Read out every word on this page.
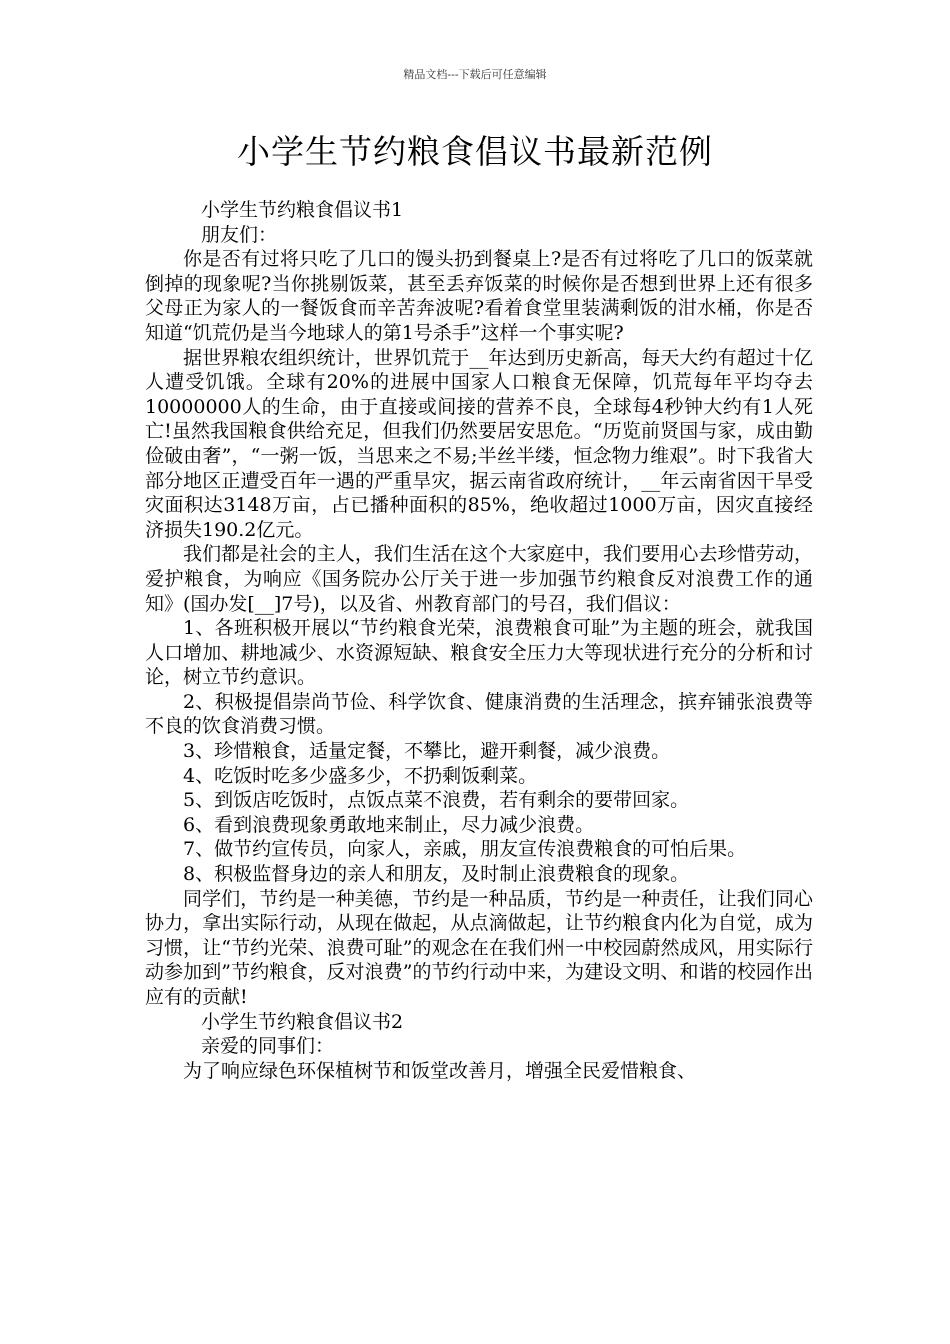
精品文档---下载后可任意编辑
小学生节约粮食倡议书最新范例

小学生节约粮食倡议书1

朋友们：

你是否有过将只吃了几口的馒头扔到餐桌上?是否有过将吃了几口的饭菜就倒掉的现象呢?当你挑剔饭菜，甚至丢弃饭菜的时候你是否想到世界上还有很多父母正为家人的一餐饭食而辛苦奔波呢?看着食堂里装满剩饭的泔水桶，你是否知道“饥荒仍是当今地球人的第1号杀手”这样一个事实呢?

据世界粮农组织统计，世界饥荒于__年达到历史新高，每天大约有超过十亿人遭受饥饿。全球有20%的进展中国家人口粮食无保障，饥荒每年平均夺去10000000人的生命，由于直接或间接的营养不良，全球每4秒钟大约有1人死亡!虽然我国粮食供给充足，但我们仍然要居安思危。“历览前贤国与家，成由勤俭破由奢”，“一粥一饭，当思来之不易;半丝半缕，恒念物力维艰”。时下我省大部分地区正遭受百年一遇的严重旱灾，据云南省政府统计，__年云南省因干旱受灾面积达3148万亩，占已播种面积的85%，绝收超过1000万亩，因灾直接经济损失190.2亿元。

我们都是社会的主人，我们生活在这个大家庭中，我们要用心去珍惜劳动，爱护粮食，为响应《国务院办公厅关于进一步加强节约粮食反对浪费工作的通知》(国办发[__]7号)，以及省、州教育部门的号召，我们倡议：

1、各班积极开展以“节约粮食光荣，浪费粮食可耻”为主题的班会，就我国人口增加、耕地减少、水资源短缺、粮食安全压力大等现状进行充分的分析和讨论，树立节约意识。

2、积极提倡崇尚节俭、科学饮食、健康消费的生活理念，摈弃铺张浪费等不良的饮食消费习惯。

3、珍惜粮食，适量定餐，不攀比，避开剩餐，减少浪费。

4、吃饭时吃多少盛多少，不扔剩饭剩菜。

5、到饭店吃饭时，点饭点菜不浪费，若有剩余的要带回家。

6、看到浪费现象勇敢地来制止，尽力减少浪费。

7、做节约宣传员，向家人，亲戚，朋友宣传浪费粮食的可怕后果。

8、积极监督身边的亲人和朋友，及时制止浪费粮食的现象。

同学们，节约是一种美德，节约是一种品质，节约是一种责任，让我们同心协力，拿出实际行动，从现在做起，从点滴做起，让节约粮食内化为自觉，成为习惯，让“节约光荣、浪费可耻”的观念在在我们州一中校园蔚然成风，用实际行动参加到”节约粮食，反对浪费”的节约行动中来，为建设文明、和谐的校园作出应有的贡献!

小学生节约粮食倡议书2

亲爱的同事们：

为了响应绿色环保植树节和饭堂改善月，增强全民爱惜粮食、
